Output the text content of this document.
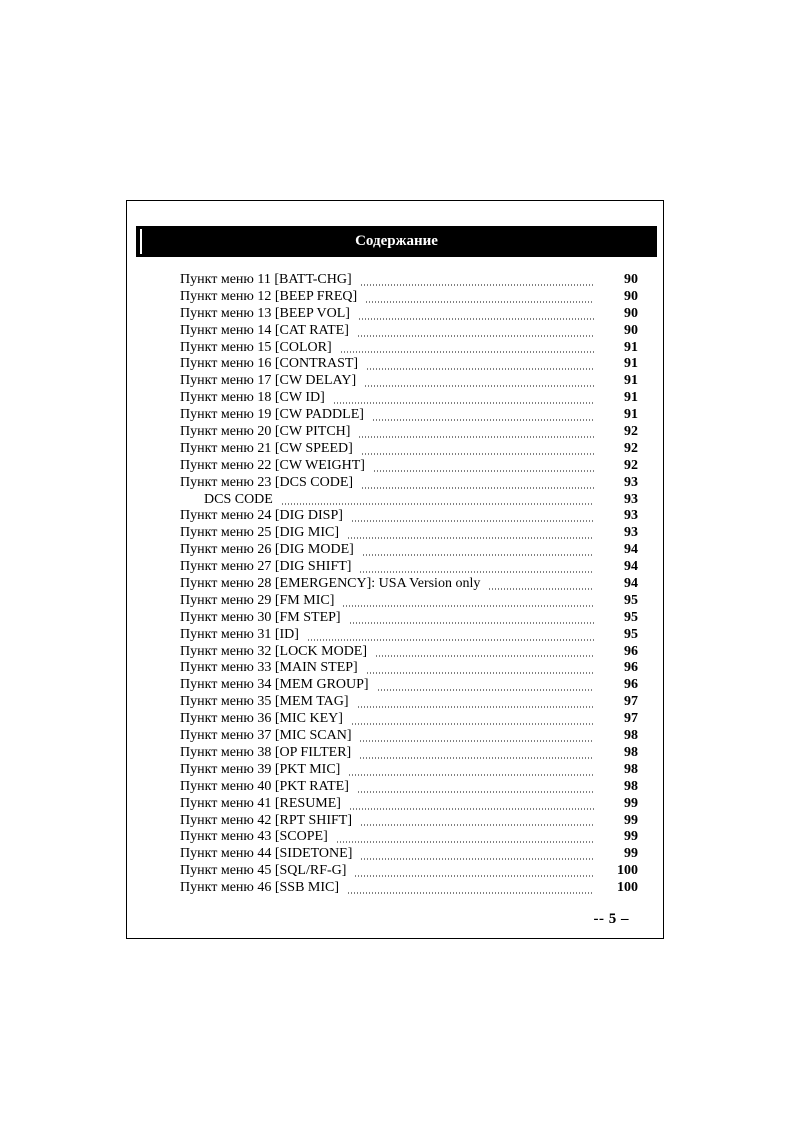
Содержание
Пункт меню 11 [BATT-CHG]	90
Пункт меню 12 [BEEP FREQ]	90
Пункт меню 13 [BEEP VOL]	90
Пункт меню 14 [CAT RATE]	90
Пункт меню 15 [COLOR]	91
Пункт меню 16 [CONTRAST]	91
Пункт меню 17 [CW DELAY]	91
Пункт меню 18 [CW ID]	91
Пункт меню 19 [CW PADDLE]	91
Пункт меню 20 [CW PITCH]	92
Пункт меню 21 [CW SPEED]	92
Пункт меню 22 [CW WEIGHT]	92
Пункт меню 23 [DCS CODE]	93
DCS CODE	93
Пункт меню 24 [DIG DISP]	93
Пункт меню 25 [DIG MIC]	93
Пункт меню 26 [DIG MODE]	94
Пункт меню 27 [DIG SHIFT]	94
Пункт меню 28 [EMERGENCY]: USA Version only	94
Пункт меню 29 [FM MIC]	95
Пункт меню 30 [FM STEP]	95
Пункт меню 31 [ID]	95
Пункт меню 32 [LOCK MODE]	96
Пункт меню 33 [MAIN STEP]	96
Пункт меню 34 [MEM GROUP]	96
Пункт меню 35 [MEM TAG]	97
Пункт меню 36 [MIC KEY]	97
Пункт меню 37 [MIC SCAN]	98
Пункт меню 38 [OP FILTER]	98
Пункт меню 39 [PKT MIC]	98
Пункт меню 40 [PKT RATE]	98
Пункт меню 41 [RESUME]	99
Пункт меню 42 [RPT SHIFT]	99
Пункт меню 43 [SCOPE]	99
Пункт меню 44 [SIDETONE]	99
Пункт меню 45 [SQL/RF-G]	100
Пункт меню 46 [SSB MIC]	100
-- 5 –
